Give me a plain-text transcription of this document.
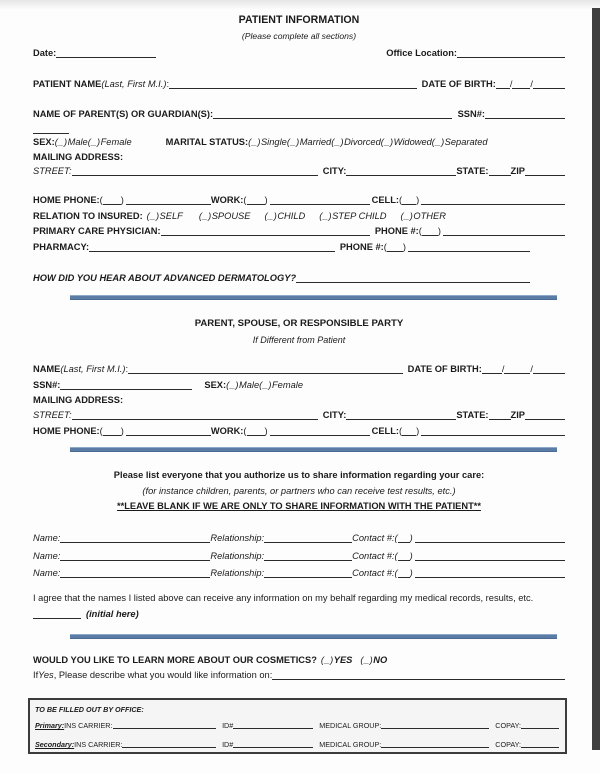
PATIENT INFORMATION
(Please complete all sections)
TO BE FILLED OUT BY OFFICE:
Primary: INS CARRIER:	ID#	MEDICAL GROUP:	COPAY:
Secondary: INS CARRIER:	ID#	MEDICAL GROUP:	COPAY:
Date:	Office Location:
PATIENT NAME (Last, First M.I.) :	DATE OF BIRTH: / /
NAME OF PARENT(S) OR GUARDIAN(S):	SSN#:
SEX: (_) Male (_) Female	MARITAL STATUS: (_) Single (_) Married (_) Divorced (_) Widowed (_) Separated
MAILING ADDRESS:
STREET:	CITY:	STATE: ZIP
HOME PHONE: ( )	WORK: ( )	CELL: ( )
RELATION TO INSURED: (_) SELF (_) SPOUSE (_) CHILD (_) STEP CHILD (_) OTHER
PRIMARY CARE PHYSICIAN:	PHONE #: ( )
PHARMACY:	PHONE #: ( )
HOW DID YOU HEAR ABOUT ADVANCED DERMATOLOGY?
PARENT, SPOUSE, OR RESPONSIBLE PARTY
If Different from Patient
NAME (Last, First M.I.) :	DATE OF BIRTH: /	/
SSN#:	SEX: (_) Male (_) Female
MAILING ADDRESS:
STREET:	CITY:	STATE: ZIP
HOME PHONE: ( )	WORK: ( )	CELL: ( )
Please list everyone that you authorize us to share information regarding your care:
(for instance children, parents, or partners who can receive test results, etc.)
**LEAVE BLANK IF WE ARE ONLY TO SHARE INFORMATION WITH THE PATIENT**
Name:	Relationship:	Contact #: ( )
Name:	Relationship:	Contact #: ( )
Name:	Relationship:	Contact #: ( )
I agree that the names I listed above can receive any information on my behalf regarding my medical records, results, etc.
(initial here)
WOULD YOU LIKE TO LEARN MORE ABOUT OUR COSMETICS? (_) YES (_) NO
If Yes , Please describe what you would like information on:
